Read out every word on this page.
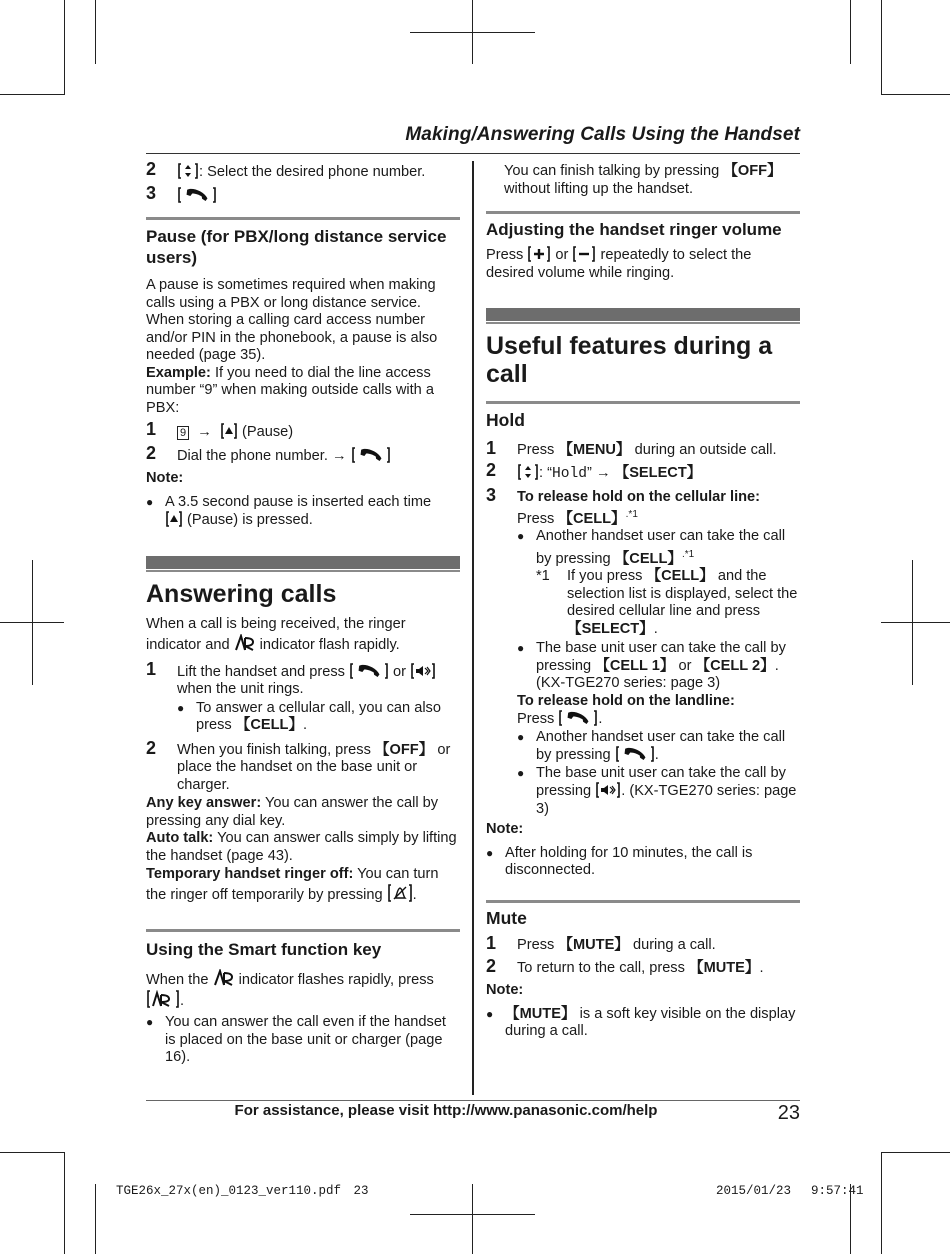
Making/Answering Calls Using the Handset
2	: Select the desired phone number.
3
Pause (for PBX/long distance service users)
A pause is sometimes required when making calls using a PBX or long distance service. When storing a calling card access number and/or PIN in the phonebook, a pause is also needed (page 35).
Example: If you need to dial the line access number “9” when making outside calls with a PBX:
1 9  →   (Pause)
2 Dial the phone number. →
Note:
● A 3.5 second pause is inserted each time
(Pause) is pressed.
Answering calls
When a call is being received, the ringer indicator and  indicator flash rapidly.
1 Lift the handset and press	or  when the unit rings.
● To answer a cellular call, you can also press 【CELL】.
2 When you finish talking, press 【OFF】 or place the handset on the base unit or charger.
Any key answer: You can answer the call by pressing any dial key.
Auto talk: You can answer calls simply by lifting the handset (page 43).
Temporary handset ringer off: You can turn the ringer off temporarily by pressing .
Using the Smart function key
When the  indicator flashes rapidly, press
.
● You can answer the call even if the handset is placed on the base unit or charger (page 16).
You can finish talking by pressing 【OFF】 without lifting up the handset.
Adjusting the handset ringer volume
Press  or  repeatedly to select the desired volume while ringing.
Useful features during a call
Hold
1 Press 【MENU】 during an outside call.
2	: “Hold” → 【SELECT】
3 To release hold on the cellular line:
Press 【CELL】$^{.*1}$
● Another handset user can take the call by pressing 【CELL】$^{.*1}$
*1 If you press 【CELL】 and the selection list is displayed, select the desired cellular line and press 【SELECT】.
● The base unit user can take the call by pressing 【CELL 1】 or 【CELL 2】. (KX-TGE270 series: page 3)
To release hold on the landline:
Press	.
● Another handset user can take the call by pressing	.
● The base unit user can take the call by pressing . (KX-TGE270 series: page 3)
Note:
● After holding for 10 minutes, the call is disconnected.
Mute
1 Press 【MUTE】 during a call.
2 To return to the call, press 【MUTE】.
Note:
● 【MUTE】 is a soft key visible on the display during a call.
For assistance, please visit http://www.panasonic.com/help	23
TGE26x_27x(en)_0123_ver110.pdf　23	2015/01/23　 9:57:41
